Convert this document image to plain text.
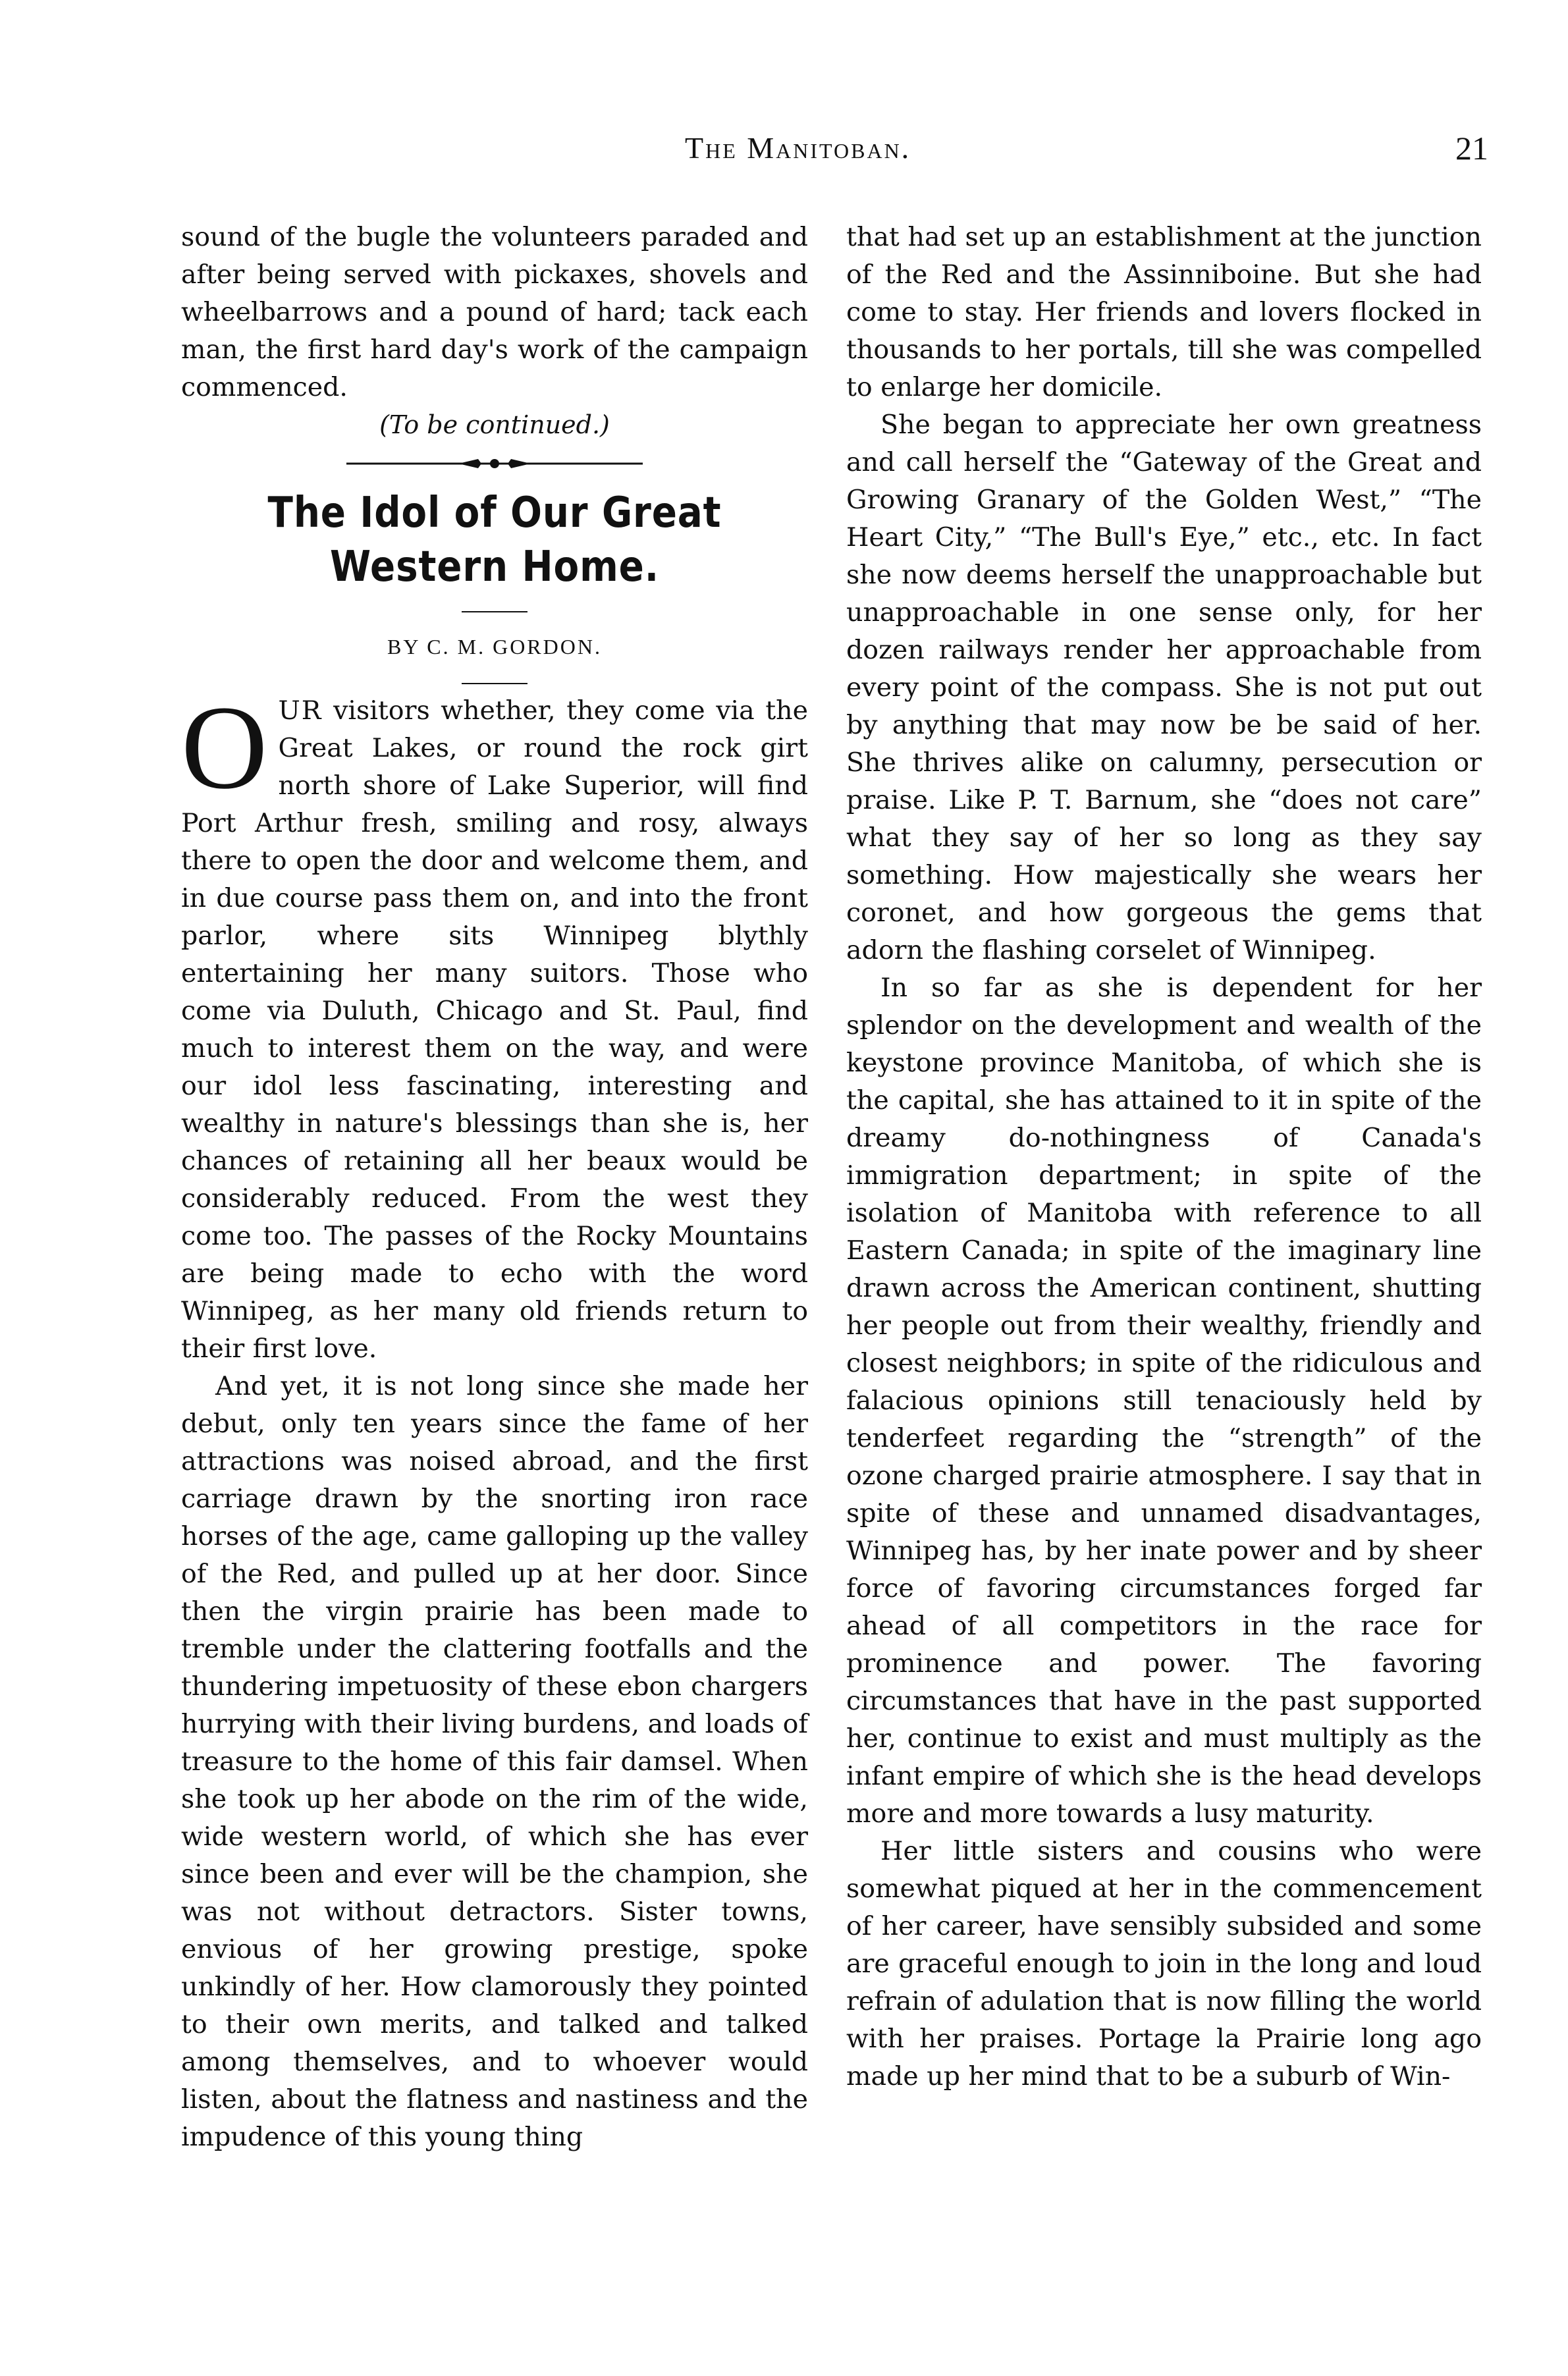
The Manitoban.	21

sound of the bugle the volunteers paraded and after being served with pickaxes, shovels and wheelbarrows and a pound of hard; tack each man, the first hard day's work of the campaign commenced.

(To be continued.)

The Idol of Our Great Western Home.

BY C. M. GORDON.

O UR visitors whether, they come via the Great Lakes, or round the rock girt north shore of Lake Superior, will find Port Arthur fresh, smiling and rosy, always there to open the door and welcome them, and in due course pass them on, and into the front parlor, where sits Winnipeg blythly entertaining her many suitors. Those who come via Duluth, Chicago and St. Paul, find much to interest them on the way, and were our idol less fascinating, interesting and wealthy in nature's blessings than she is, her chances of retaining all her beaux would be considerably reduced. From the west they come too. The passes of the Rocky Mountains are being made to echo with the word Winnipeg, as her many old friends return to their first love.

And yet, it is not long since she made her debut, only ten years since the fame of her attractions was noised abroad, and the first carriage drawn by the snorting iron race horses of the age, came galloping up the valley of the Red, and pulled up at her door. Since then the virgin prairie has been made to tremble under the clattering footfalls and the thundering impetuosity of these ebon chargers hurrying with their living burdens, and loads of treasure to the home of this fair damsel. When she took up her abode on the rim of the wide, wide western world, of which she has ever since been and ever will be the champion, she was not without detractors. Sister towns, envious of her growing prestige, spoke unkindly of her. How clamorously they pointed to their own merits, and talked and talked among themselves, and to whoever would listen, about the flatness and nastiness and the impudence of this young thing

that had set up an establishment at the junction of the Red and the Assinniboine. But she had come to stay. Her friends and lovers flocked in thousands to her portals, till she was compelled to enlarge her domicile.

She began to appreciate her own greatness and call herself the “Gateway of the Great and Growing Granary of the Golden West,” “The Heart City,” “The Bull's Eye,” etc., etc. In fact she now deems herself the unapproachable but unapproachable in one sense only, for her dozen railways render her approachable from every point of the compass. She is not put out by anything that may now be be said of her. She thrives alike on calumny, persecution or praise. Like P. T. Barnum, she “does not care” what they say of her so long as they say something. How majestically she wears her coronet, and how gorgeous the gems that adorn the flashing corselet of Winnipeg.

In so far as she is dependent for her splendor on the development and wealth of the keystone province Manitoba, of which she is the capital, she has attained to it in spite of the dreamy do-nothingness of Canada's immigration department; in spite of the isolation of Manitoba with reference to all Eastern Canada; in spite of the imaginary line drawn across the American continent, shutting her people out from their wealthy, friendly and closest neighbors; in spite of the ridiculous and falacious opinions still tenaciously held by tenderfeet regarding the “strength” of the ozone charged prairie atmosphere. I say that in spite of these and unnamed disadvantages, Winnipeg has, by her inate power and by sheer force of favoring circumstances forged far ahead of all competitors in the race for prominence and power. The favoring circumstances that have in the past supported her, continue to exist and must multiply as the infant empire of which she is the head develops more and more towards a lusy maturity.

Her little sisters and cousins who were somewhat piqued at her in the commencement of her career, have sensibly subsided and some are graceful enough to join in the long and loud refrain of adulation that is now filling the world with her praises. Portage la Prairie long ago made up her mind that to be a suburb of Win-
